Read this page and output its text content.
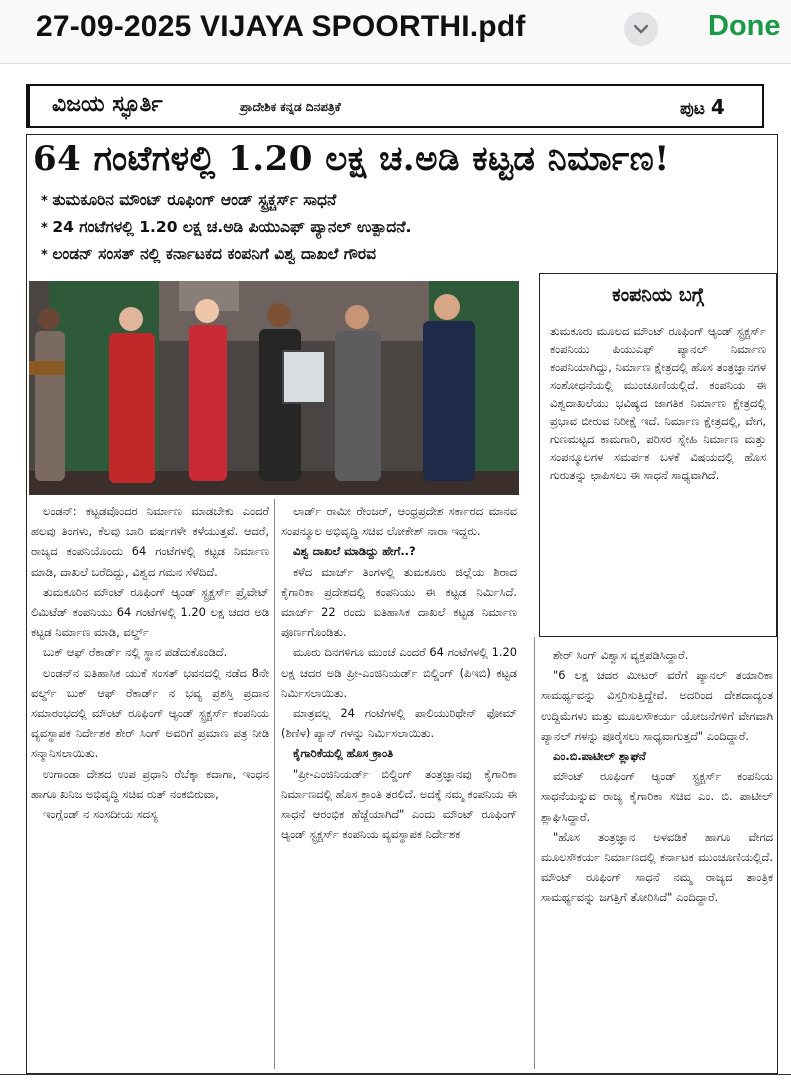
27-09-2025 VIJAYA SPOORTHI.pdf	Done
ವಿಜಯ ಸ್ಫೂರ್ತಿ	ಪ್ರಾದೇಶಿಕ ಕನ್ನಡ ದಿನಪತ್ರಿಕೆ	ಪುಟ 4
64 ಗಂಟೆಗಳಲ್ಲಿ 1.20 ಲಕ್ಷ ಚ.ಅಡಿ ಕಟ್ಟಡ ನಿರ್ಮಾಣ!
* ತುಮಕೂರಿನ ಮೌಂಟ್ ರೂಫಿಂಗ್ ಆಂಡ್ ಸ್ಟ್ರಕ್ಚರ್ಸ್ ಸಾಧನೆ
* 24 ಗಂಟೆಗಳಲ್ಲಿ 1.20 ಲಕ್ಷ ಚ.ಅಡಿ ಪಿಯುಎಫ್ ಪ್ಯಾನಲ್ ಉತ್ಪಾದನೆ.
* ಲಂಡನ್ ಸಂಸತ್ ನಲ್ಲಿ ಕರ್ನಾಟಕದ ಕಂಪನಿಗೆ ವಿಶ್ವ ದಾಖಲೆ ಗೌರವ
ಕಂಪನಿಯ ಬಗ್ಗೆ
ತುಮಕೂರು ಮೂಲದ ಮೌಂಟ್ ರೂಫಿಂಗ್ ಆ್ಯಂಡ್ ಸ್ಟ್ರಕ್ಚರ್ಸ್ ಕಂಪನಿಯು ಪಿಯುಎಫ್ ಪ್ಯಾನಲ್ ನಿರ್ಮಾಣ ಕಂಪನಿಯಾಗಿದ್ದು, ನಿರ್ಮಾಣ ಕ್ಷೇತ್ರದಲ್ಲಿ ಹೊಸ ತಂತ್ರಜ್ಞಾನಗಳ ಸಂಶೋಧನೆಯಲ್ಲಿ ಮುಂಚೂಣಿಯಲ್ಲಿದೆ. ಕಂಪನಿಯ ಈ ವಿಶ್ವದಾಖಲೆಯು ಭವಿಷ್ಯದ ಜಾಗತಿಕ ನಿರ್ಮಾಣ ಕ್ಷೇತ್ರದಲ್ಲಿ ಪ್ರಭಾವ ಬೀರುವ ನಿರೀಕ್ಷೆ ಇದೆ. ನಿರ್ಮಾಣ ಕ್ಷೇತ್ರದಲ್ಲಿ, ವೇಗ, ಗುಣಮಟ್ಟದ ಕಾಮಗಾರಿ, ಪರಿಸರ ಸ್ನೇಹಿ ನಿರ್ಮಾಣ ಮತ್ತು ಸಂಪನ್ಮೂಲಗಳ ಸಮರ್ಪಕ ಬಳಕೆ ವಿಷಯದಲ್ಲಿ ಹೊಸ ಗುರುತನ್ನು ಛಾಪಿಸಲು ಈ ಸಾಧನೆ ಸಾಧ್ಯವಾಗಿದೆ.

ಲಂಡನ್: ಕಟ್ಟಡವೊಂದರ ನಿರ್ಮಾಣ ಮಾಡಬೇಕು ಎಂದರೆ ಹಲವು ತಿಂಗಳು, ಕೆಲವು ಬಾರಿ ವರ್ಷಗಳೇ ಕಳೆಯುತ್ತವೆ. ಆದರೆ, ರಾಜ್ಯದ ಕಂಪನಿಯೊಂದು 64 ಗಂಟೆಗಳಲ್ಲಿ ಕಟ್ಟಡ ನಿರ್ಮಾಣ ಮಾಡಿ, ದಾಖಲೆ ಬರೆದಿದ್ದು, ವಿಶ್ವದ ಗಮನ ಸೆಳೆದಿದೆ.

ತುಮಕೂರಿನ ಮೌಂಟ್ ರೂಫಿಂಗ್ ಆ್ಯಂಡ್ ಸ್ಟ್ರಕ್ಚರ್ಸ್ ಪ್ರೈವೇಟ್ ಲಿಮಿಟೆಡ್ ಕಂಪನಿಯು 64 ಗಂಟೆಗಳಲ್ಲಿ 1.20 ಲಕ್ಷ ಚದರ ಅಡಿ ಕಟ್ಟಡ ನಿರ್ಮಾಣ ಮಾಡಿ, ವರ್ಲ್ಡ್

ಬುಕ್ ಆಫ್ ರೆಕಾರ್ಡ್ ನಲ್ಲಿ ಸ್ಥಾನ ಪಡೆದುಕೊಂಡಿದೆ.

ಲಂಡನ್‌ನ ಐತಿಹಾಸಿಕ ಯುಕೆ ಸಂಸತ್ ಭವನದಲ್ಲಿ ನಡೆದ 8ನೇ ವರ್ಲ್ಡ್ ಬುಕ್ ಆಫ್ ರೆಕಾರ್ಡ್ ನ ಭವ್ಯ ಪ್ರಶಸ್ತಿ ಪ್ರದಾನ ಸಮಾರಂಭದಲ್ಲಿ ಮೌಂಟ್ ರೂಫಿಂಗ್ ಆ್ಯಂಡ್ ಸ್ಟ್ರಕ್ಚರ್ಸ್ ಕಂಪನಿಯ ವ್ಯವಸ್ಥಾಪಕ ನಿರ್ದೇಶಕ ಶೇರ್ ಸಿಂಗ್ ಅವರಿಗೆ ಪ್ರಮಾಣ ಪತ್ರ ನೀಡಿ ಸನ್ಮಾನಿಸಲಾಯಿತು.

ಉಗಾಂಡಾ ದೇಶದ ಉಪ ಪ್ರಧಾನಿ ರೆಬೆಕ್ಕಾ ಕದಾಗಾ, ಇಂಧನ ಹಾಗೂ ಖನಿಜ ಅಭಿವೃದ್ಧಿ ಸಚಿವ ರುತ್ ನಂಕಬಿರುವಾ,

ಇಂಗ್ಲೆಂಡ್ ನ ಸಂಸದೀಯ ಸದಸ್ಯ

ಲಾರ್ಡ್ ರಾಮೀ ರೇಂಜರ್, ಆಂಧ್ರಪ್ರದೇಶ ಸರ್ಕಾರದ ಮಾನವ ಸಂಪನ್ಮೂಲ ಅಭಿವೃದ್ಧಿ ಸಚಿವ ಲೋಕೇಶ್ ನಾರಾ ಇದ್ದರು.

ವಿಶ್ವ ದಾಖಲೆ ಮಾಡಿದ್ದು ಹೇಗೆ..?

ಕಳೆದ ಮಾರ್ಚ್ ತಿಂಗಳಲ್ಲಿ ತುಮಕೂರು ಜಿಲ್ಲೆಯ ಶಿರಾದ ಕೈಗಾರಿಕಾ ಪ್ರದೇಶದಲ್ಲಿ ಕಂಪನಿಯು ಈ ಕಟ್ಟಡ ನಿರ್ಮಿಸಿದೆ. ಮಾರ್ಚ್ 22 ರಂದು ಐತಿಹಾಸಿಕ ದಾಖಲೆ ಕಟ್ಟಡ ನಿರ್ಮಾಣ ಪೂರ್ಣಗೊಂಡಿತು.

ಮೂರು ದಿನಗಳಿಗೂ ಮುಂಚೆ ಎಂದರೆ 64 ಗಂಟೆಗಳಲ್ಲಿ 1.20 ಲಕ್ಷ ಚದರ ಅಡಿ ಪ್ರೀ-ಎಂಜಿನಿಯರ್ಡ್ ಬಿಲ್ಡಿಂಗ್ (ಪಿಇಬಿ) ಕಟ್ಟಡ ನಿರ್ಮಿಸಲಾಯಿತು.

ಮಾತ್ರವಲ್ಲ 24 ಗಂಟೆಗಳಲ್ಲಿ ಪಾಲಿಯುರಿಥೇನ್ ಫೋಮ್ (ಶಿಣಿಳ) ಪ್ಯಾನ್ ಗಳನ್ನು ನಿರ್ಮಿಸಲಾಯಿತು.

ಕೈಗಾರಿಕೆಯಲ್ಲಿ ಹೊಸ ಕ್ರಾಂತಿ

"ಪ್ರೀ-ಎಂಜಿನಿಯರ್ಡ್ ಬಿಲ್ಡಿಂಗ್ ತಂತ್ರಜ್ಞಾನವು ಕೈಗಾರಿಕಾ ನಿರ್ಮಾಣದಲ್ಲಿ ಹೊಸ ಕ್ರಾಂತಿ ತರಲಿದೆ. ಅದಕ್ಕೆ ನಮ್ಮ ಕಂಪನಿಯ ಈ ಸಾಧನೆ ಆರಂಭಿಕ ಹೆಜ್ಜೆಯಾಗಿದೆ" ಎಂದು ಮೌಂಟ್ ರೂಫಿಂಗ್ ಆ್ಯಂಡ್ ಸ್ಟ್ರಕ್ಚರ್ಸ್ ಕಂಪನಿಯ ವ್ಯವಸ್ಥಾಪಕ ನಿರ್ದೇಶಕ

ಶೇರ್ ಸಿಂಗ್ ವಿಶ್ವಾಸ ವ್ಯಕ್ತಪಡಿಸಿದ್ದಾರೆ.

"6 ಲಕ್ಷ ಚದರ ಮೀಟರ್ ವರೆಗೆ ಪ್ಯಾನಲ್ ತಯಾರಿಕಾ ಸಾಮರ್ಥ್ಯವನ್ನು ವಿಸ್ತರಿಸುತ್ತಿದ್ದೇವೆ. ಅದರಿಂದ ದೇಶದಾದ್ಯಂತ ಉದ್ದಿಮೆಗಳು ಮತ್ತು ಮೂಲಸೌಕರ್ಯ ಯೋಜನೆಗಳಿಗೆ ವೇಗವಾಗಿ ಪ್ಯಾನಲ್ ಗಳನ್ನು ಪೂರೈಸಲು ಸಾಧ್ಯವಾಗುತ್ತದೆ" ಎಂದಿದ್ದಾರೆ.

ಎಂ.ಬಿ.ಪಾಟೀಲ್ ಶ್ಲಾಘನೆ

ಮೌಂಟ್ ರೂಫಿಂಗ್ ಆ್ಯಂಡ್ ಸ್ಟ್ರಕ್ಚರ್ಸ್ ಕಂಪನಿಯ ಸಾಧನೆಯನ್ನುವ ರಾಜ್ಯ ಕೈಗಾರಿಕಾ ಸಚಿವ ಎಂ. ಬಿ. ಪಾಟೀಲ್ ಶ್ಲಾಘಿಸಿದ್ದಾರೆ.

"ಹೊಸ ತಂತ್ರಜ್ಞಾನ ಅಳವಡಿಕೆ ಹಾಗೂ ವೇಗದ ಮೂಲಸೌಕರ್ಯ ನಿರ್ಮಾಣದಲ್ಲಿ ಕರ್ನಾಟಕ ಮುಂಚೂಣಿಯಲ್ಲಿದೆ. ಮೌಂಟ್ ರೂಫಿಂಗ್ ಸಾಧನೆ ನಮ್ಮ ರಾಜ್ಯದ ತಾಂತ್ರಿಕ ಸಾಮರ್ಥ್ಯವನ್ನು ಜಗತ್ತಿಗೆ ತೋರಿಸಿದೆ" ಎಂದಿದ್ದಾರೆ.
